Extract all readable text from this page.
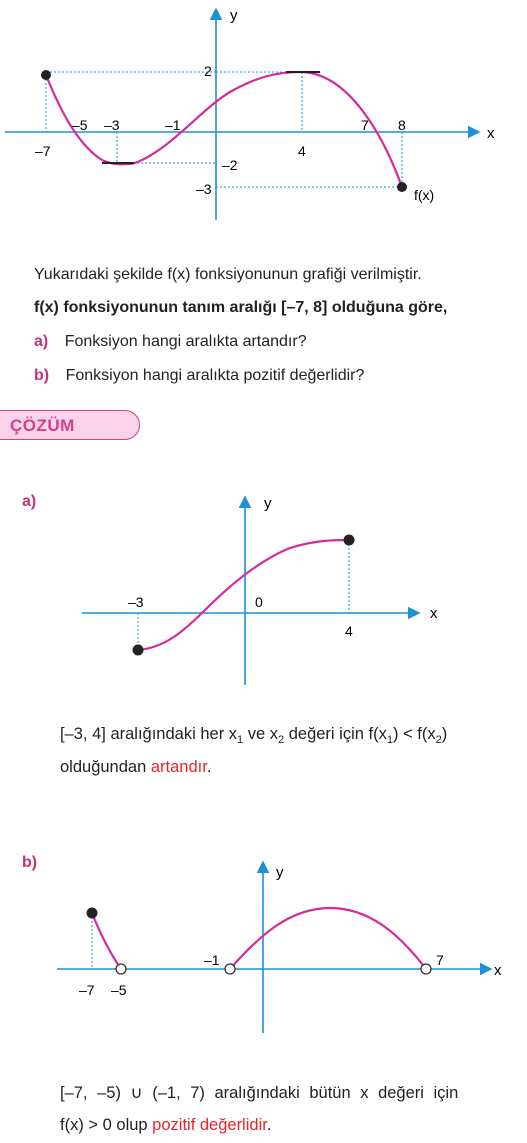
x
y
–7
–5 –3	–1
4
7 8
2
–2
–3	f(x)
Yukarıdaki şekilde f(x) fonksiyonunun grafiği verilmiştir.
f(x) fonksiyonunun tanım aralığı [–7, 8] olduğuna göre,
a) Fonksiyon hangi aralıkta artandır?
b) Fonksiyon hangi aralıkta pozitif değerlidir?
ÇÖZÜM
a)
x
y
–3	0
4
[–3, 4] aralığındaki her $x_1$ ve $x_2$ değeri için $f(x_1) < f(x_2)$
olduğundan artandır.
b)
x
y
–7 –5
–1	7
[–7, –5) ∪ (–1, 7) aralığındaki bütün x değeri için
f(x) > 0 olup pozitif değerlidir.
